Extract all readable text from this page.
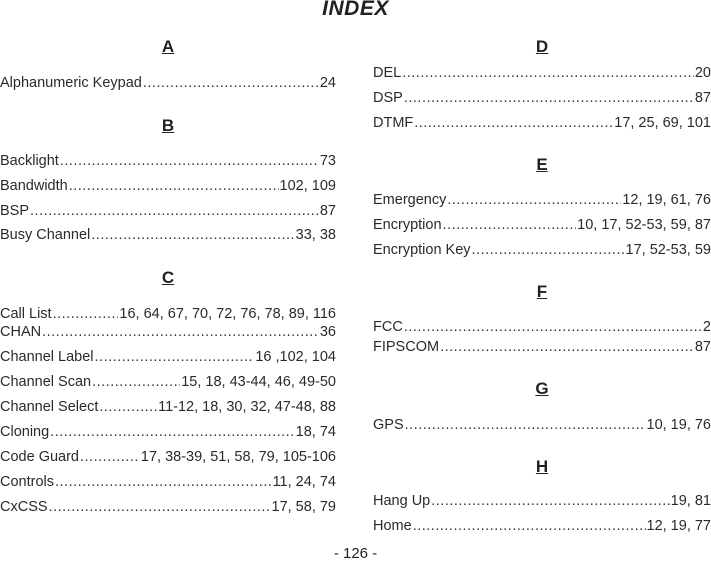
INDEX
A
Alphanumeric Keypad .....	24
B
Backlight .....	73
Bandwidth .....	102, 109
BSP .....	87
Busy Channel .....	33, 38
C
Call List .....	16, 64, 67, 70, 72, 76, 78, 89, 116
CHAN .....	36
Channel Label .....	16 ,102, 104
Channel Scan .....	15, 18, 43-44, 46, 49-50
Channel Select .....	11-12, 18, 30, 32, 47-48, 88
Cloning .....	18, 74
Code Guard .....	17, 38-39, 51, 58, 79, 105-106
Controls .....	11, 24, 74
CxCSS .....	17, 58, 79
D
DEL .....	20
DSP .....	87
DTMF .....	17, 25, 69, 101
E
Emergency .....	12, 19, 61, 76
Encryption .....	10, 17, 52-53, 59, 87
Encryption Key .....	17, 52-53, 59
F
FCC .....	2
FIPSCOM .....	87
G
GPS .....	10, 19, 76
H
Hang Up .....	19, 81
Home .....	12, 19, 77
- 126 -
